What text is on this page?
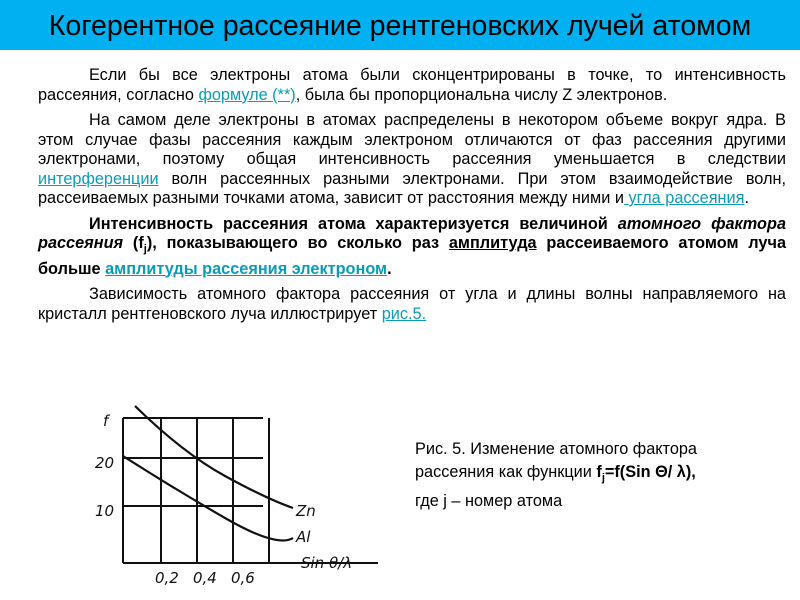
Когерентное рассеяние рентгеновских лучей атомом

Если бы все электроны атома были сконцентрированы в точке, то интенсивность рассеяния, согласно формуле (**), была бы пропорциональна числу Z электронов.

На самом деле электроны в атомах распределены в некотором объеме вокруг ядра. В этом случае фазы рассеяния каждым электроном отличаются от фаз рассеяния другими электронами, поэтому общая интенсивность рассеяния уменьшается в следствии интерференции волн рассеянных разными электронами. При этом взаимодействие волн, рассеиваемых разными точками атома, зависит от расстояния между ними и угла рассеяния.

Интенсивность рассеяния атома характеризуется величиной атомного фактора рассеяния $(f_j)$, показывающего во сколько раз амплитуда рассеиваемого атомом луча больше амплитуды рассеяния электроном.

Зависимость атомного фактора рассеяния от угла и длины волны направляемого на кристалл рентгеновского луча иллюстрирует рис.5.

f
20
10	Zn
Al
Sin θ/λ
0,2 0,4 0,6
Рис. 5. Изменение атомного фактора рассеяния как функции $f_j=f(Sin$ Θ/ λ),
где j – номер атома
